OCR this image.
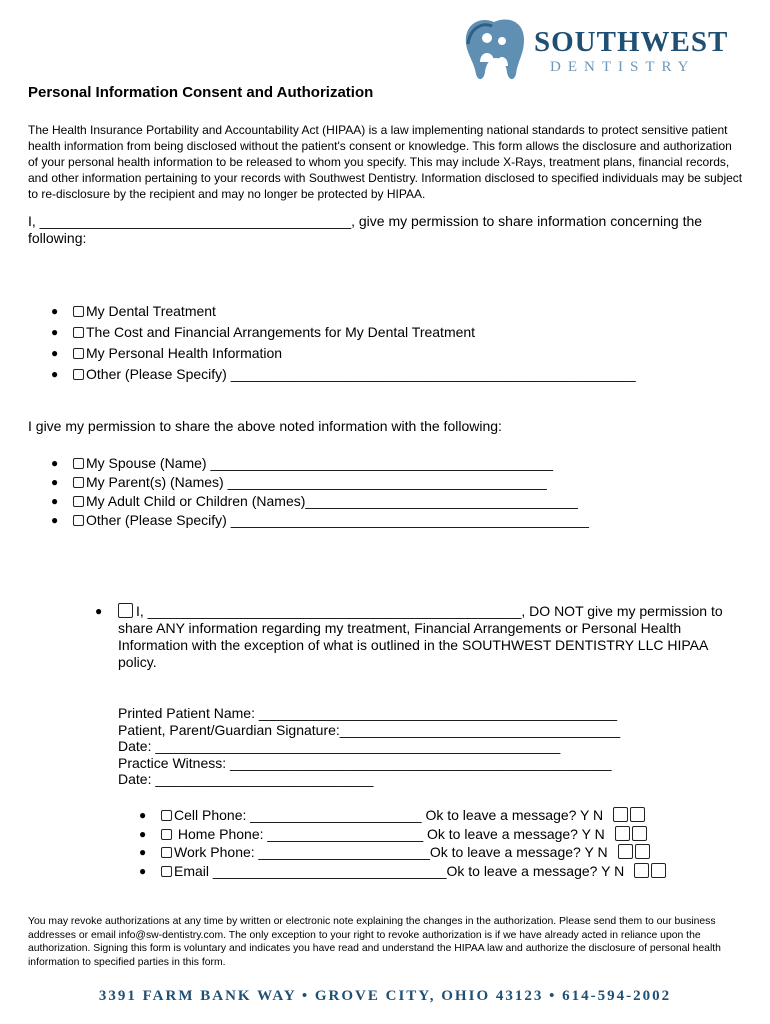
SOUTHWEST
DENTISTRY
Personal Information Consent and Authorization
The Health Insurance Portability and Accountability Act (HIPAA) is a law implementing national standards to protect sensitive patient health information from being disclosed without the patient's consent or knowledge. This form allows the disclosure and authorization of your personal health information to be released to whom you specify. This may include X-Rays, treatment plans, financial records, and other information pertaining to your records with Southwest Dentistry. Information disclosed to specified individuals may be subject to re-disclosure by the recipient and may no longer be protected by HIPAA.
I, ________________________________________, give my permission to share information concerning the following:
● My Dental Treatment
● The Cost and Financial Arrangements for My Dental Treatment
● My Personal Health Information
● Other (Please Specify) ____________________________________________________
I give my permission to share the above noted information with the following:
● My Spouse (Name) ____________________________________________
● My Parent(s) (Names) _________________________________________
● My Adult Child or Children (Names)___________________________________
● Other (Please Specify) ______________________________________________
●	I, ________________________________________________, DO NOT give my permission to share ANY information regarding my treatment, Financial Arrangements or Personal Health Information with the exception of what is outlined in the SOUTHWEST DENTISTRY LLC HIPAA policy.
Printed Patient Name: ______________________________________________
Patient, Parent/Guardian Signature:____________________________________
Date: ____________________________________________________
Practice Witness: _________________________________________________
Date: ____________________________
● Cell Phone: ______________________ Ok to leave a message? Y N
● Home Phone: ____________________ Ok to leave a message? Y N
● Work Phone: ______________________Ok to leave a message? Y N
● Email ______________________________Ok to leave a message? Y N
You may revoke authorizations at any time by written or electronic note explaining the changes in the authorization. Please send them to our business addresses or email info@sw-dentistry.com. The only exception to your right to revoke authorization is if we have already acted in reliance upon the authorization. Signing this form is voluntary and indicates you have read and understand the HIPAA law and authorize the disclosure of personal health information to specified parties in this form.
3391 FARM BANK WAY • GROVE CITY, OHIO 43123 • 614-594-2002
